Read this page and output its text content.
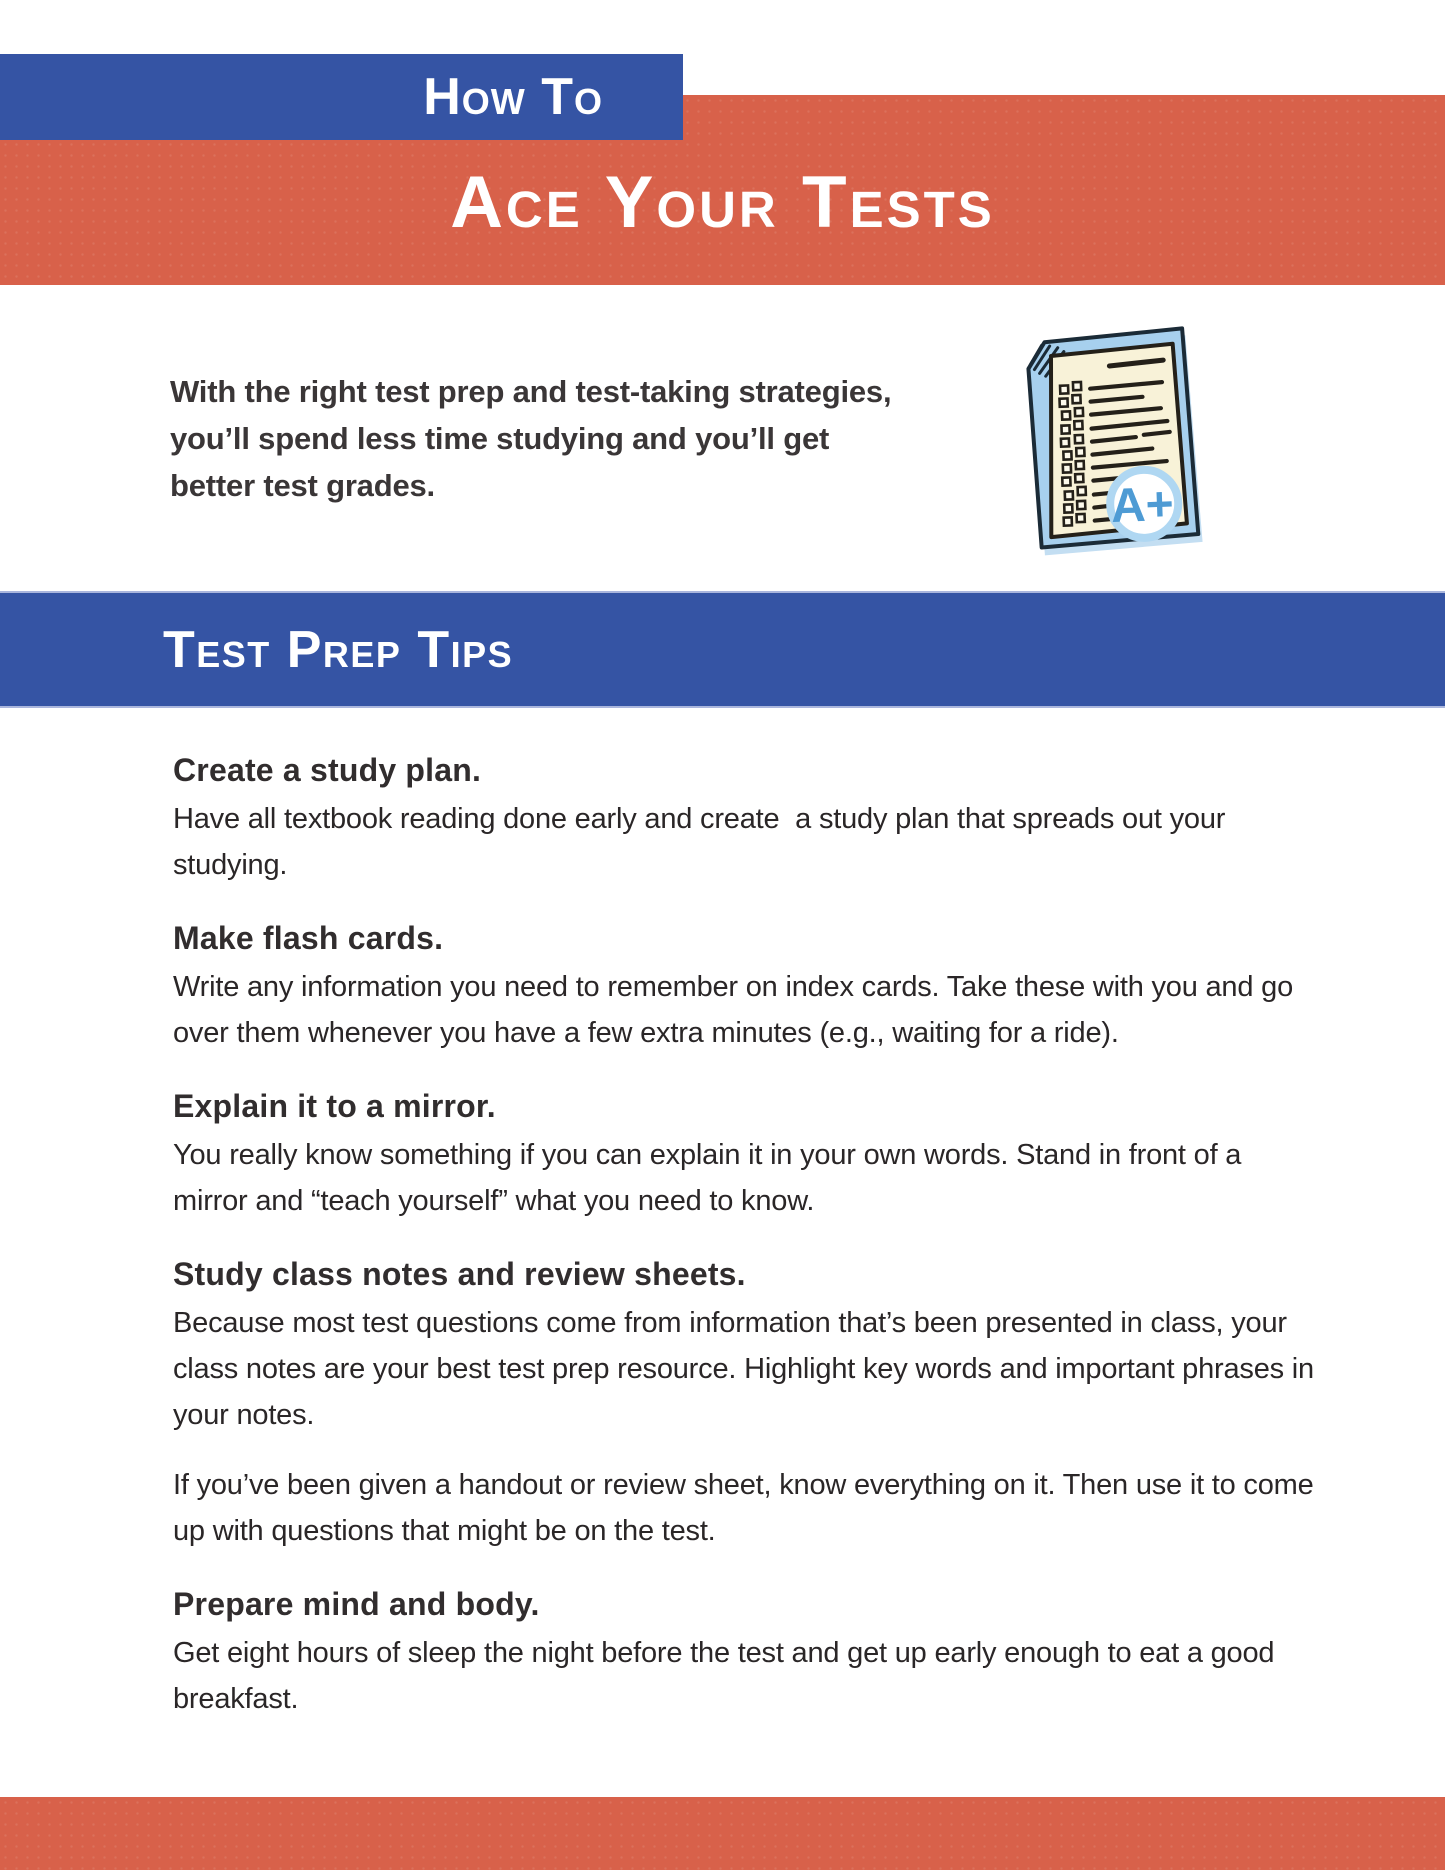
Ace Your Tests
How To
With the right test prep and test-taking strategies,
you’ll spend less time studying and you’ll get
better test grades.	A+
Test Prep Tips
Create a study plan.

Have all textbook reading done early and create  a study plan that spreads out your studying.

Make flash cards.

Write any information you need to remember on index cards. Take these with you and go over them whenever you have a few extra minutes (e.g., waiting for a ride).

Explain it to a mirror.

You really know something if you can explain it in your own words. Stand in front of a mirror and “teach yourself” what you need to know.

Study class notes and review sheets.

Because most test questions come from information that’s been presented in class, your class notes are your best test prep resource. Highlight key words and important phrases in your notes.

If you’ve been given a handout or review sheet, know everything on it. Then use it to come up with questions that might be on the test.

Prepare mind and body.

Get eight hours of sleep the night before the test and get up early enough to eat a good breakfast.
